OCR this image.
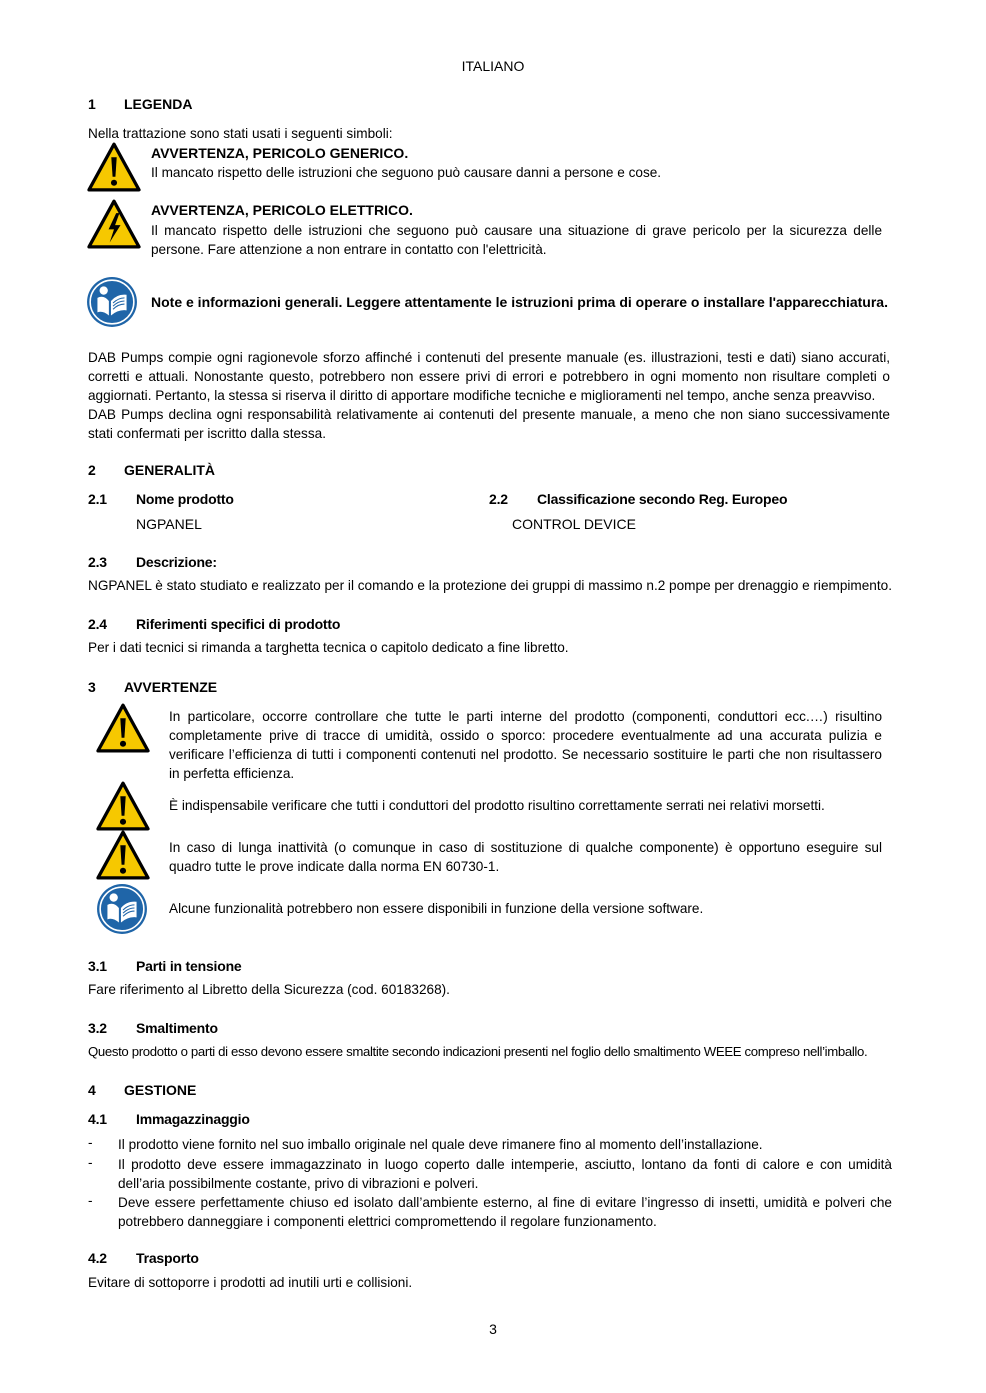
ITALIANO
1 LEGENDA
Nella trattazione sono stati usati i seguenti simboli:
AVVERTENZA, PERICOLO GENERICO.
Il mancato rispetto delle istruzioni che seguono può causare danni a persone e cose.
AVVERTENZA, PERICOLO ELETTRICO.
Il mancato rispetto delle istruzioni che seguono può causare una situazione di grave pericolo per la sicurezza delle persone. Fare attenzione a non entrare in contatto con l'elettricità.
Note e informazioni generali. Leggere attentamente le istruzioni prima di operare o installare l'apparecchiatura.
DAB Pumps compie ogni ragionevole sforzo affinché i contenuti del presente manuale (es. illustrazioni, testi e dati) siano accurati, corretti e attuali. Nonostante questo, potrebbero non essere privi di errori e potrebbero in ogni momento non risultare completi o aggiornati. Pertanto, la stessa si riserva il diritto di apportare modifiche tecniche e miglioramenti nel tempo, anche senza preavviso.
DAB Pumps declina ogni responsabilità relativamente ai contenuti del presente manuale, a meno che non siano successivamente stati confermati per iscritto dalla stessa.
2 GENERALITÀ
2.1 Nome prodotto
NGPANEL
2.2 Classificazione secondo Reg. Europeo
CONTROL DEVICE
2.3 Descrizione:
NGPANEL è stato studiato e realizzato per il comando e la protezione dei gruppi di massimo n.2 pompe per drenaggio e riempimento.
2.4 Riferimenti specifici di prodotto
Per i dati tecnici si rimanda a targhetta tecnica o capitolo dedicato a fine libretto.
3 AVVERTENZE
In particolare, occorre controllare che tutte le parti interne del prodotto (componenti, conduttori ecc.…) risultino completamente prive di tracce di umidità, ossido o sporco: procedere eventualmente ad una accurata pulizia e verificare l’efficienza di tutti i componenti contenuti nel prodotto. Se necessario sostituire le parti che non risultassero in perfetta efficienza.
È indispensabile verificare che tutti i conduttori del prodotto risultino correttamente serrati nei relativi morsetti.
In caso di lunga inattività (o comunque in caso di sostituzione di qualche componente) è opportuno eseguire sul quadro tutte le prove indicate dalla norma EN 60730-1.
Alcune funzionalità potrebbero non essere disponibili in funzione della versione software.
3.1 Parti in tensione
Fare riferimento al Libretto della Sicurezza (cod. 60183268).
3.2 Smaltimento
Questo prodotto o parti di esso devono essere smaltite secondo indicazioni presenti nel foglio dello smaltimento WEEE compreso nell’imballo.
4 GESTIONE
4.1 Immagazzinaggio
- Il prodotto viene fornito nel suo imballo originale nel quale deve rimanere fino al momento dell’installazione.
- Il prodotto deve essere immagazzinato in luogo coperto dalle intemperie, asciutto, lontano da fonti di calore e con umidità dell’aria possibilmente costante, privo di vibrazioni e polveri.
- Deve essere perfettamente chiuso ed isolato dall’ambiente esterno, al fine di evitare l’ingresso di insetti, umidità e polveri che potrebbero danneggiare i componenti elettrici compromettendo il regolare funzionamento.
4.2 Trasporto
Evitare di sottoporre i prodotti ad inutili urti e collisioni.
3
